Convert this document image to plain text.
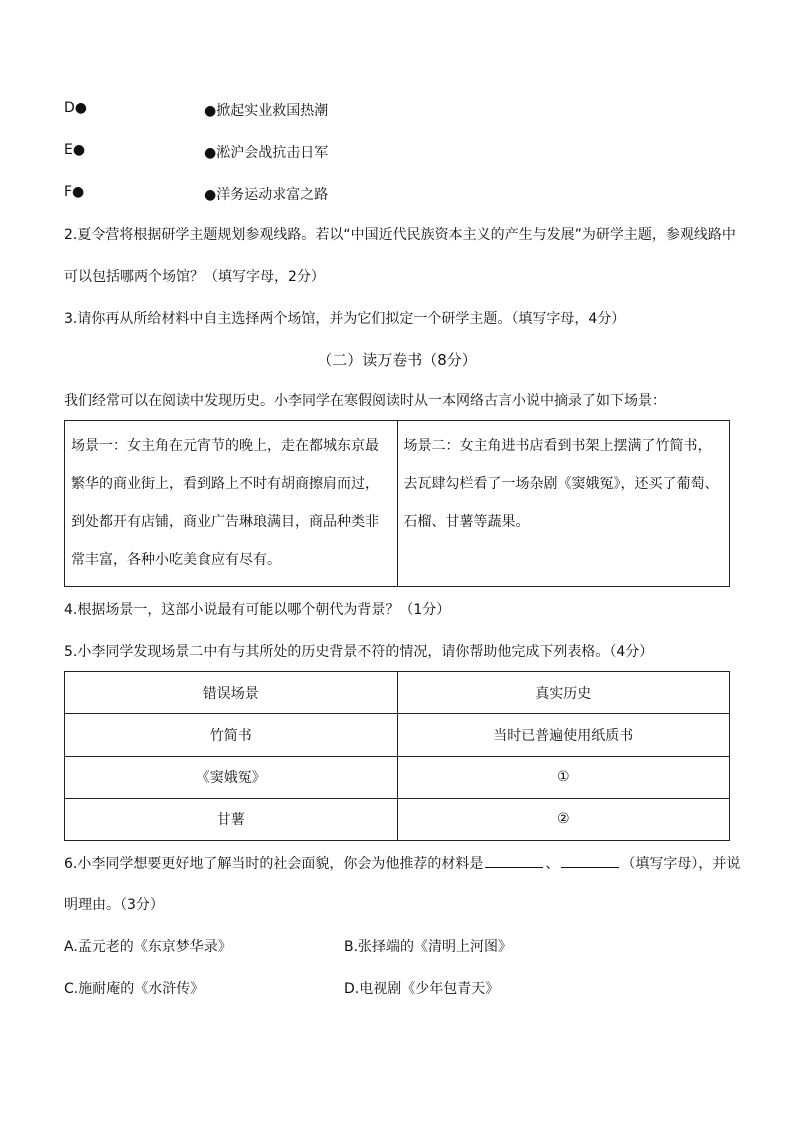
D●	●掀起实业救国热潮
E●	●淞沪会战抗击日军
F●	●洋务运动求富之路
2.夏令营将根据研学主题规划参观线路。若以“中国近代民族资本主义的产生与发展”为研学主题，参观线路中
可以包括哪两个场馆？（填写字母，2分）
3.请你再从所给材料中自主选择两个场馆，并为它们拟定一个研学主题。（填写字母，4分）
（二）读万卷书（8分）
我们经常可以在阅读中发现历史。小李同学在寒假阅读时从一本网络古言小说中摘录了如下场景：
场景一：女主角在元宵节的晚上，走在都城东京最繁华的商业街上，看到路上不时有胡商擦肩而过，到处都开有店铺，商业广告琳琅满目，商品种类非常丰富，各种小吃美食应有尽有。	场景二：女主角进书店看到书架上摆满了竹简书，去瓦肆勾栏看了一场杂剧《窦娥冤》，还买了葡萄、石榴、甘薯等蔬果。
4.根据场景一，这部小说最有可能以哪个朝代为背景？（1分）
5.小李同学发现场景二中有与其所处的历史背景不符的情况，请你帮助他完成下列表格。（4分）
错误场景	真实历史
竹简书	当时已普遍使用纸质书
《窦娥冤》	①
甘薯	②
6.小李同学想要更好地了解当时的社会面貌，你会为他推荐的材料是	、	（填写字母），并说
明理由。（3分）
A.孟元老的《东京梦华录》	B.张择端的《清明上河图》
C.施耐庵的《水浒传》	D.电视剧《少年包青天》
